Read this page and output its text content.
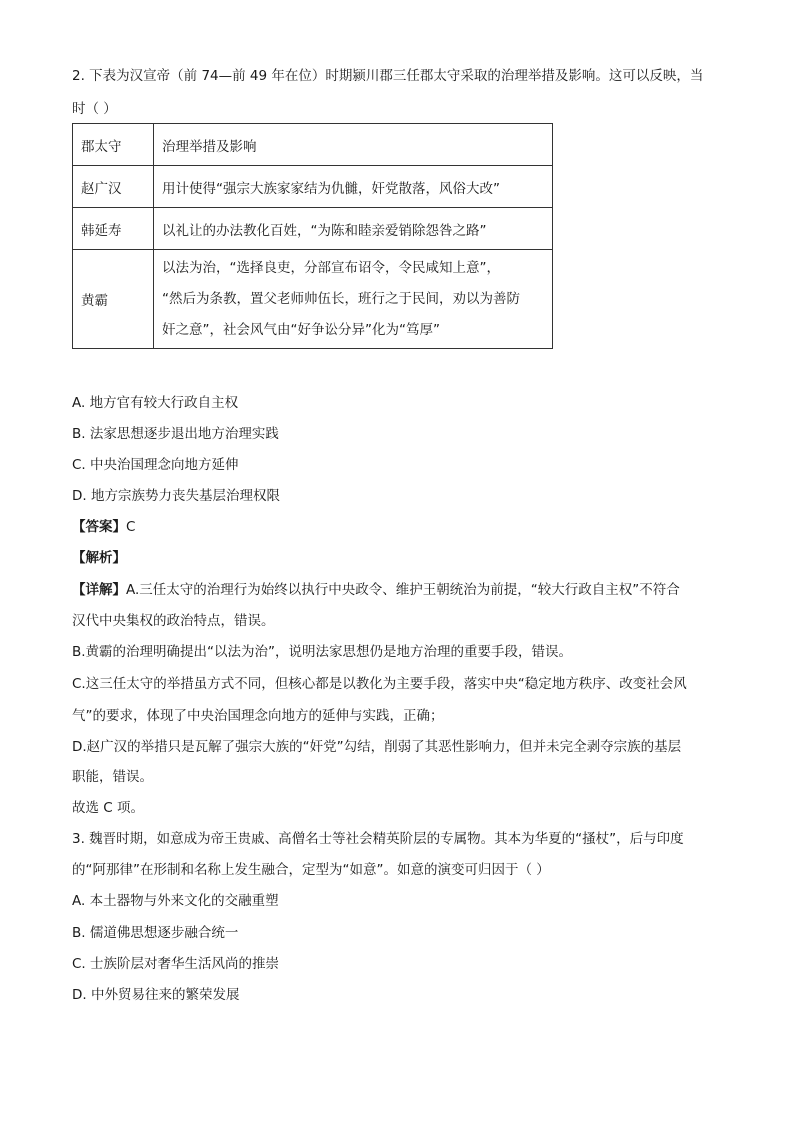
2. 下表为汉宣帝（前 74—前 49 年在位）时期颍川郡三任郡太守采取的治理举措及影响。这可以反映，当
时（ ）
郡太守	治理举措及影响
赵广汉	用计使得“强宗大族家家结为仇雠，奸党散落，风俗大改”
韩延寿	以礼让的办法教化百姓，“为陈和睦亲爱销除怨咎之路”
黄霸	以法为治，“选择良吏，分部宣布诏令，令民咸知上意”，
“然后为条教，置父老师帅伍长，班行之于民间，劝以为善防
奸之意”，社会风气由“好争讼分异”化为“笃厚”
A. 地方官有较大行政自主权
B. 法家思想逐步退出地方治理实践
C. 中央治国理念向地方延伸
D. 地方宗族势力丧失基层治理权限
【答案】C
【解析】
【详解】A.三任太守的治理行为始终以执行中央政令、维护王朝统治为前提，“较大行政自主权”不符合
汉代中央集权的政治特点，错误。
B.黄霸的治理明确提出“以法为治”，说明法家思想仍是地方治理的重要手段，错误。
C.这三任太守的举措虽方式不同，但核心都是以教化为主要手段，落实中央“稳定地方秩序、改变社会风
气”的要求，体现了中央治国理念向地方的延伸与实践，正确；
D.赵广汉的举措只是瓦解了强宗大族的“奸党”勾结，削弱了其恶性影响力，但并未完全剥夺宗族的基层
职能，错误。
故选 C 项。
3. 魏晋时期，如意成为帝王贵戚、高僧名士等社会精英阶层的专属物。其本为华夏的“搔杖”，后与印度
的“阿那律”在形制和名称上发生融合，定型为“如意”。如意的演变可归因于（ ）
A. 本土器物与外来文化的交融重塑
B. 儒道佛思想逐步融合统一
C. 士族阶层对奢华生活风尚的推崇
D. 中外贸易往来的繁荣发展
